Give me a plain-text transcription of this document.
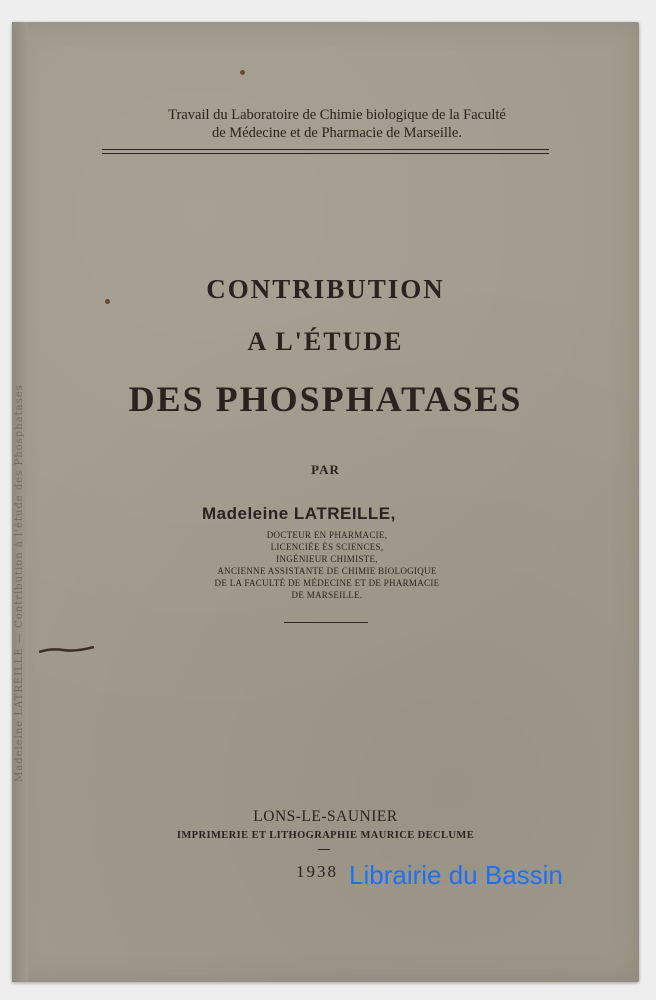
Madeleine LATREILLE — Contribution à l'étude des Phosphatases
Travail du Laboratoire de Chimie biologique de la Faculté
de Médecine et de Pharmacie de Marseille.
CONTRIBUTION
A L'ÉTUDE
DES PHOSPHATASES
PAR
Madeleine LATREILLE,
DOCTEUR EN PHARMACIE,
LICENCIÉE ÈS SCIENCES,
INGÉNIEUR CHIMISTE,
ANCIENNE ASSISTANTE DE CHIMIE BIOLOGIQUE
DE LA FACULTÉ DE MÉDECINE ET DE PHARMACIE
DE MARSEILLE.
LONS-LE-SAUNIER
IMPRIMERIE ET LITHOGRAPHIE MAURICE DECLUME
1938 Librairie du Bassin
